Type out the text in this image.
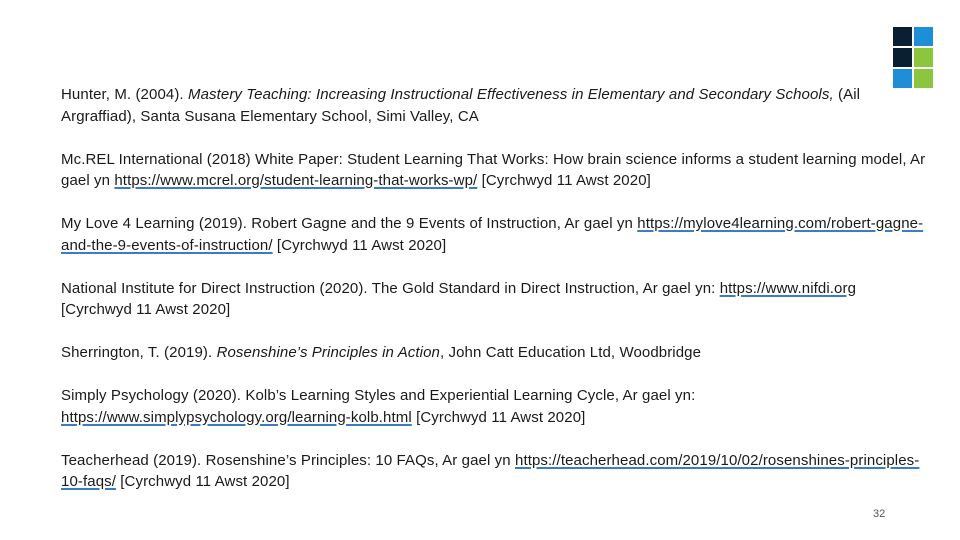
Hunter, M. (2004). Mastery Teaching: Increasing Instructional Effectiveness in Elementary and Secondary Schools, (Ail Argraffiad), Santa Susana Elementary School, Simi Valley, CA

Mc.REL International (2018) White Paper: Student Learning That Works: How brain science informs a student learning model, Ar gael yn https://www.mcrel.org/student-learning-that-works-wp/ [Cyrchwyd 11 Awst 2020]

My Love 4 Learning (2019). Robert Gagne and the 9 Events of Instruction, Ar gael yn https://mylove4learning.com/robert-gagne-and-the-9-events-of-instruction/ [Cyrchwyd 11 Awst 2020]

National Institute for Direct Instruction (2020). The Gold Standard in Direct Instruction, Ar gael yn: https://www.nifdi.org [Cyrchwyd 11 Awst 2020]

Sherrington, T. (2019). Rosenshine’s Principles in Action, John Catt Education Ltd, Woodbridge

Simply Psychology (2020). Kolb’s Learning Styles and Experiential Learning Cycle, Ar gael yn: https://www.simplypsychology.org/learning-kolb.html [Cyrchwyd 11 Awst 2020]

Teacherhead (2019). Rosenshine’s Principles: 10 FAQs, Ar gael yn https://teacherhead.com/2019/10/02/rosenshines-principles-10-faqs/ [Cyrchwyd 11 Awst 2020]

32
